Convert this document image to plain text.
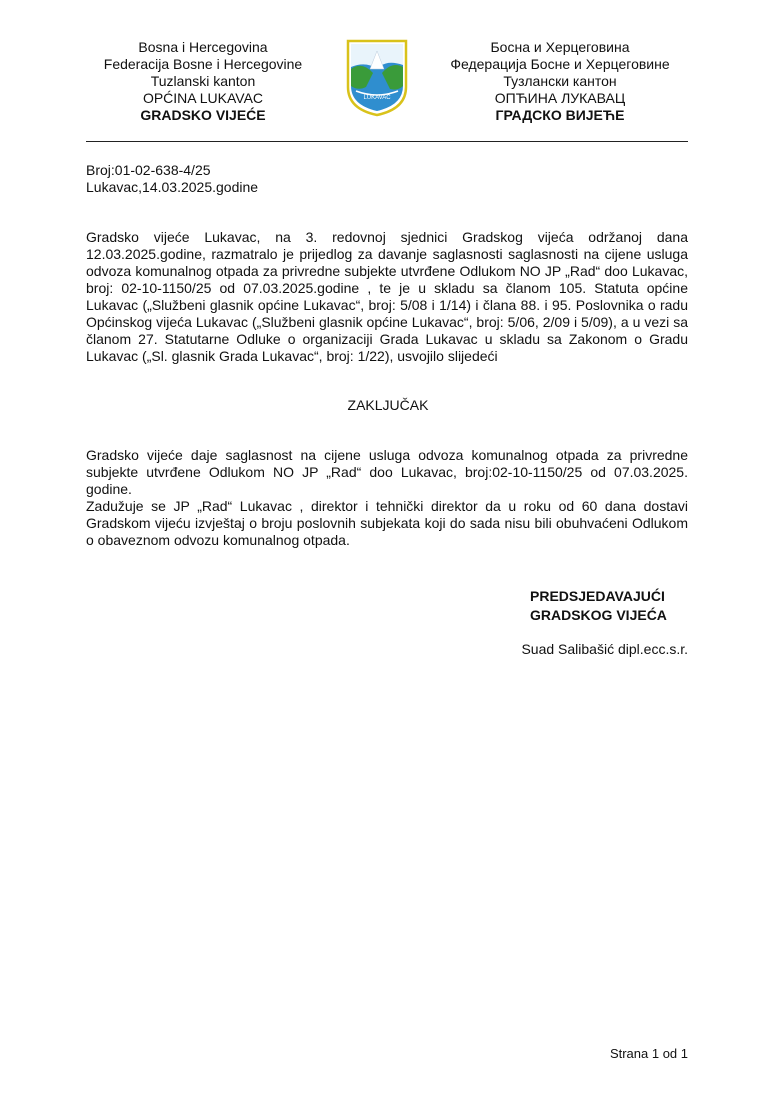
Bosna i Hercegovina
Federacija Bosne i Hercegovine
Tuzlanski kanton
OPĆINA LUKAVAC
GRADSKO VIJEĆE
LUKAVAC
Босна и Херцеговина
Федерација Босне и Херцеговине
Тузлански кантон
ОПЋИНА ЛУКАВАЦ
ГРАДСКО ВИЈЕЋЕ
Broj:01-02-638-4/25
Lukavac,14.03.2025.godine
Gradsko vijeće Lukavac, na 3. redovnoj sjednici Gradskog vijeća održanoj dana 12.03.2025.godine, razmatralo je prijedlog za davanje saglasnosti saglasnosti na cijene usluga odvoza komunalnog otpada za privredne subjekte utvrđene Odlukom NO JP „Rad“ doo Lukavac, broj: 02-10-1150/25 od 07.03.2025.godine , te je u skladu sa članom 105. Statuta općine Lukavac („Službeni glasnik općine Lukavac“, broj: 5/08 i 1/14) i člana 88. i 95. Poslovnika o radu Općinskog vijeća Lukavac („Službeni glasnik općine Lukavac“, broj: 5/06, 2/09 i 5/09), a u vezi sa članom 27. Statutarne Odluke o organizaciji Grada Lukavac u skladu sa Zakonom o Gradu Lukavac („Sl. glasnik Grada Lukavac“, broj: 1/22), usvojilo slijedeći
ZAKLJUČAK
Gradsko vijeće daje saglasnost na cijene usluga odvoza komunalnog otpada za privredne subjekte utvrđene Odlukom NO JP „Rad“ doo Lukavac, broj:02-10-1150/25 od 07.03.2025. godine.
Zadužuje se JP „Rad“ Lukavac , direktor i tehnički direktor da u roku od 60 dana dostavi Gradskom vijeću izvještaj o broju poslovnih subjekata koji do sada nisu bili obuhvaćeni Odlukom o obaveznom odvozu komunalnog otpada.
PREDSJEDAVAJUĆI
GRADSKOG VIJEĆA
Suad Salibašić dipl.ecc.s.r.
Strana 1 od 1
